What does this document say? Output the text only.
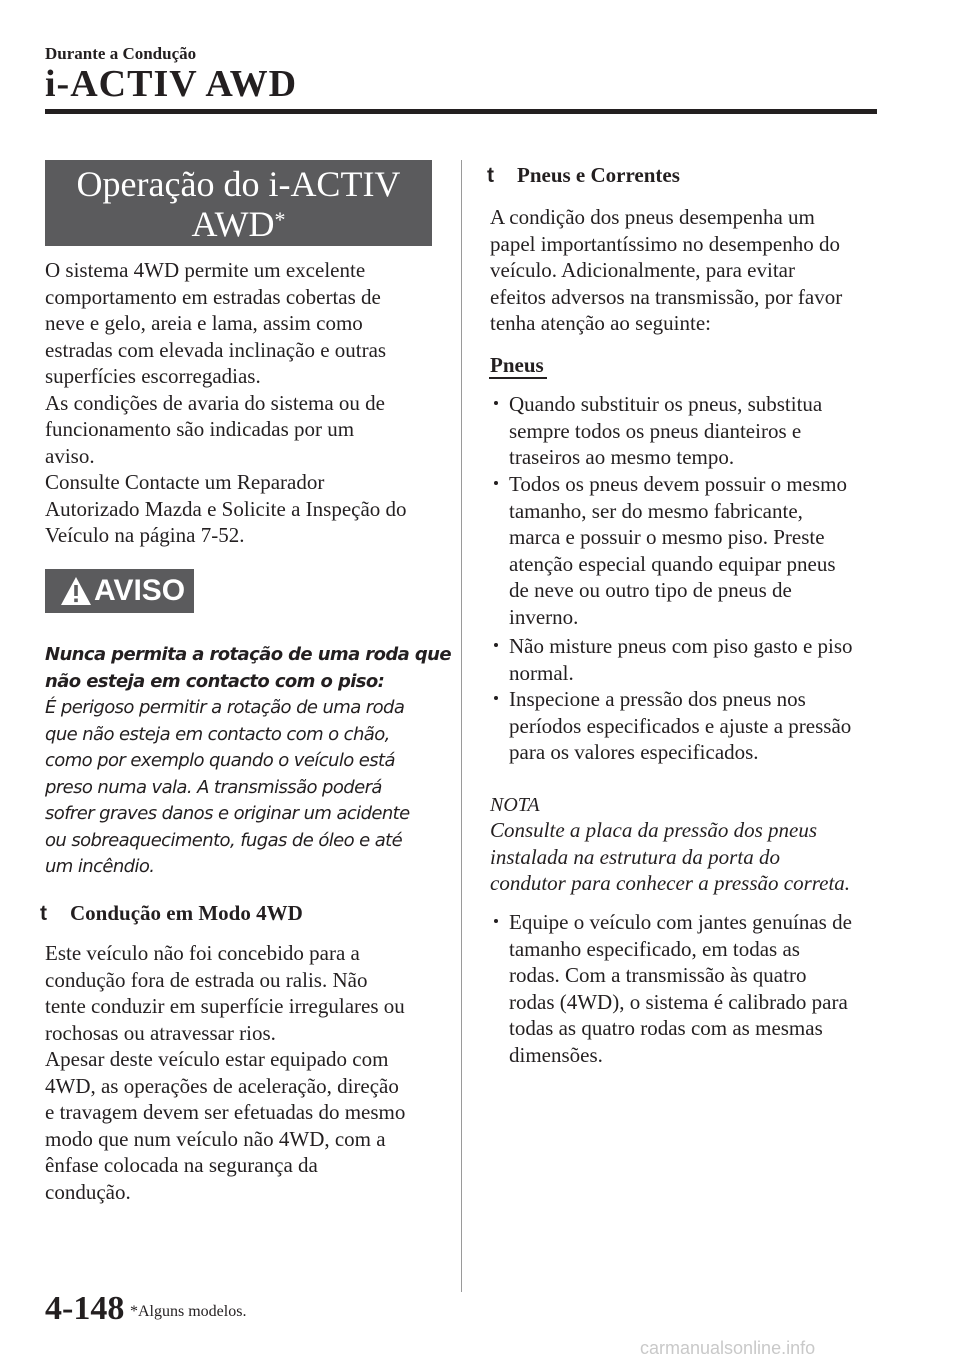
Durante a Condução
i-ACTIV AWD
Operação do i-ACTIV
AWD*
O sistema 4WD permite um excelente
comportamento em estradas cobertas de
neve e gelo, areia e lama, assim como
estradas com elevada inclinação e outras
superfícies escorregadias.
As condições de avaria do sistema ou de
funcionamento são indicadas por um
aviso.
Consulte Contacte um Reparador
Autorizado Mazda e Solicite a Inspeção do
Veículo na página 7-52.
AVISO
Nunca permita a rotação de uma roda que
não esteja em contacto com o piso:
É perigoso permitir a rotação de uma roda
que não esteja em contacto com o chão,
como por exemplo quando o veículo está
preso numa vala. A transmissão poderá
sofrer graves danos e originar um acidente
ou sobreaquecimento, fugas de óleo e até
um incêndio.
t Condução em Modo 4WD
Este veículo não foi concebido para a
condução fora de estrada ou ralis. Não
tente conduzir em superfície irregulares ou
rochosas ou atravessar rios.
Apesar deste veículo estar equipado com
4WD, as operações de aceleração, direção
e travagem devem ser efetuadas do mesmo
modo que num veículo não 4WD, com a
ênfase colocada na segurança da
condução.
t Pneus e Correntes
A condição dos pneus desempenha um
papel importantíssimo no desempenho do
veículo. Adicionalmente, para evitar
efeitos adversos na transmissão, por favor
tenha atenção ao seguinte:
Pneus
Quando substituir os pneus, substitua
sempre todos os pneus dianteiros e
traseiros ao mesmo tempo.
Todos os pneus devem possuir o mesmo
tamanho, ser do mesmo fabricante,
marca e possuir o mesmo piso. Preste
atenção especial quando equipar pneus
de neve ou outro tipo de pneus de
inverno.
Não misture pneus com piso gasto e piso
normal.
Inspecione a pressão dos pneus nos
períodos especificados e ajuste a pressão
para os valores especificados.
NOTA
Consulte a placa da pressão dos pneus
instalada na estrutura da porta do
condutor para conhecer a pressão correta.
Equipe o veículo com jantes genuínas de
tamanho especificado, em todas as
rodas. Com a transmissão às quatro
rodas (4WD), o sistema é calibrado para
todas as quatro rodas com as mesmas
dimensões.
4-148 *Alguns modelos.
carmanualsonline.info
